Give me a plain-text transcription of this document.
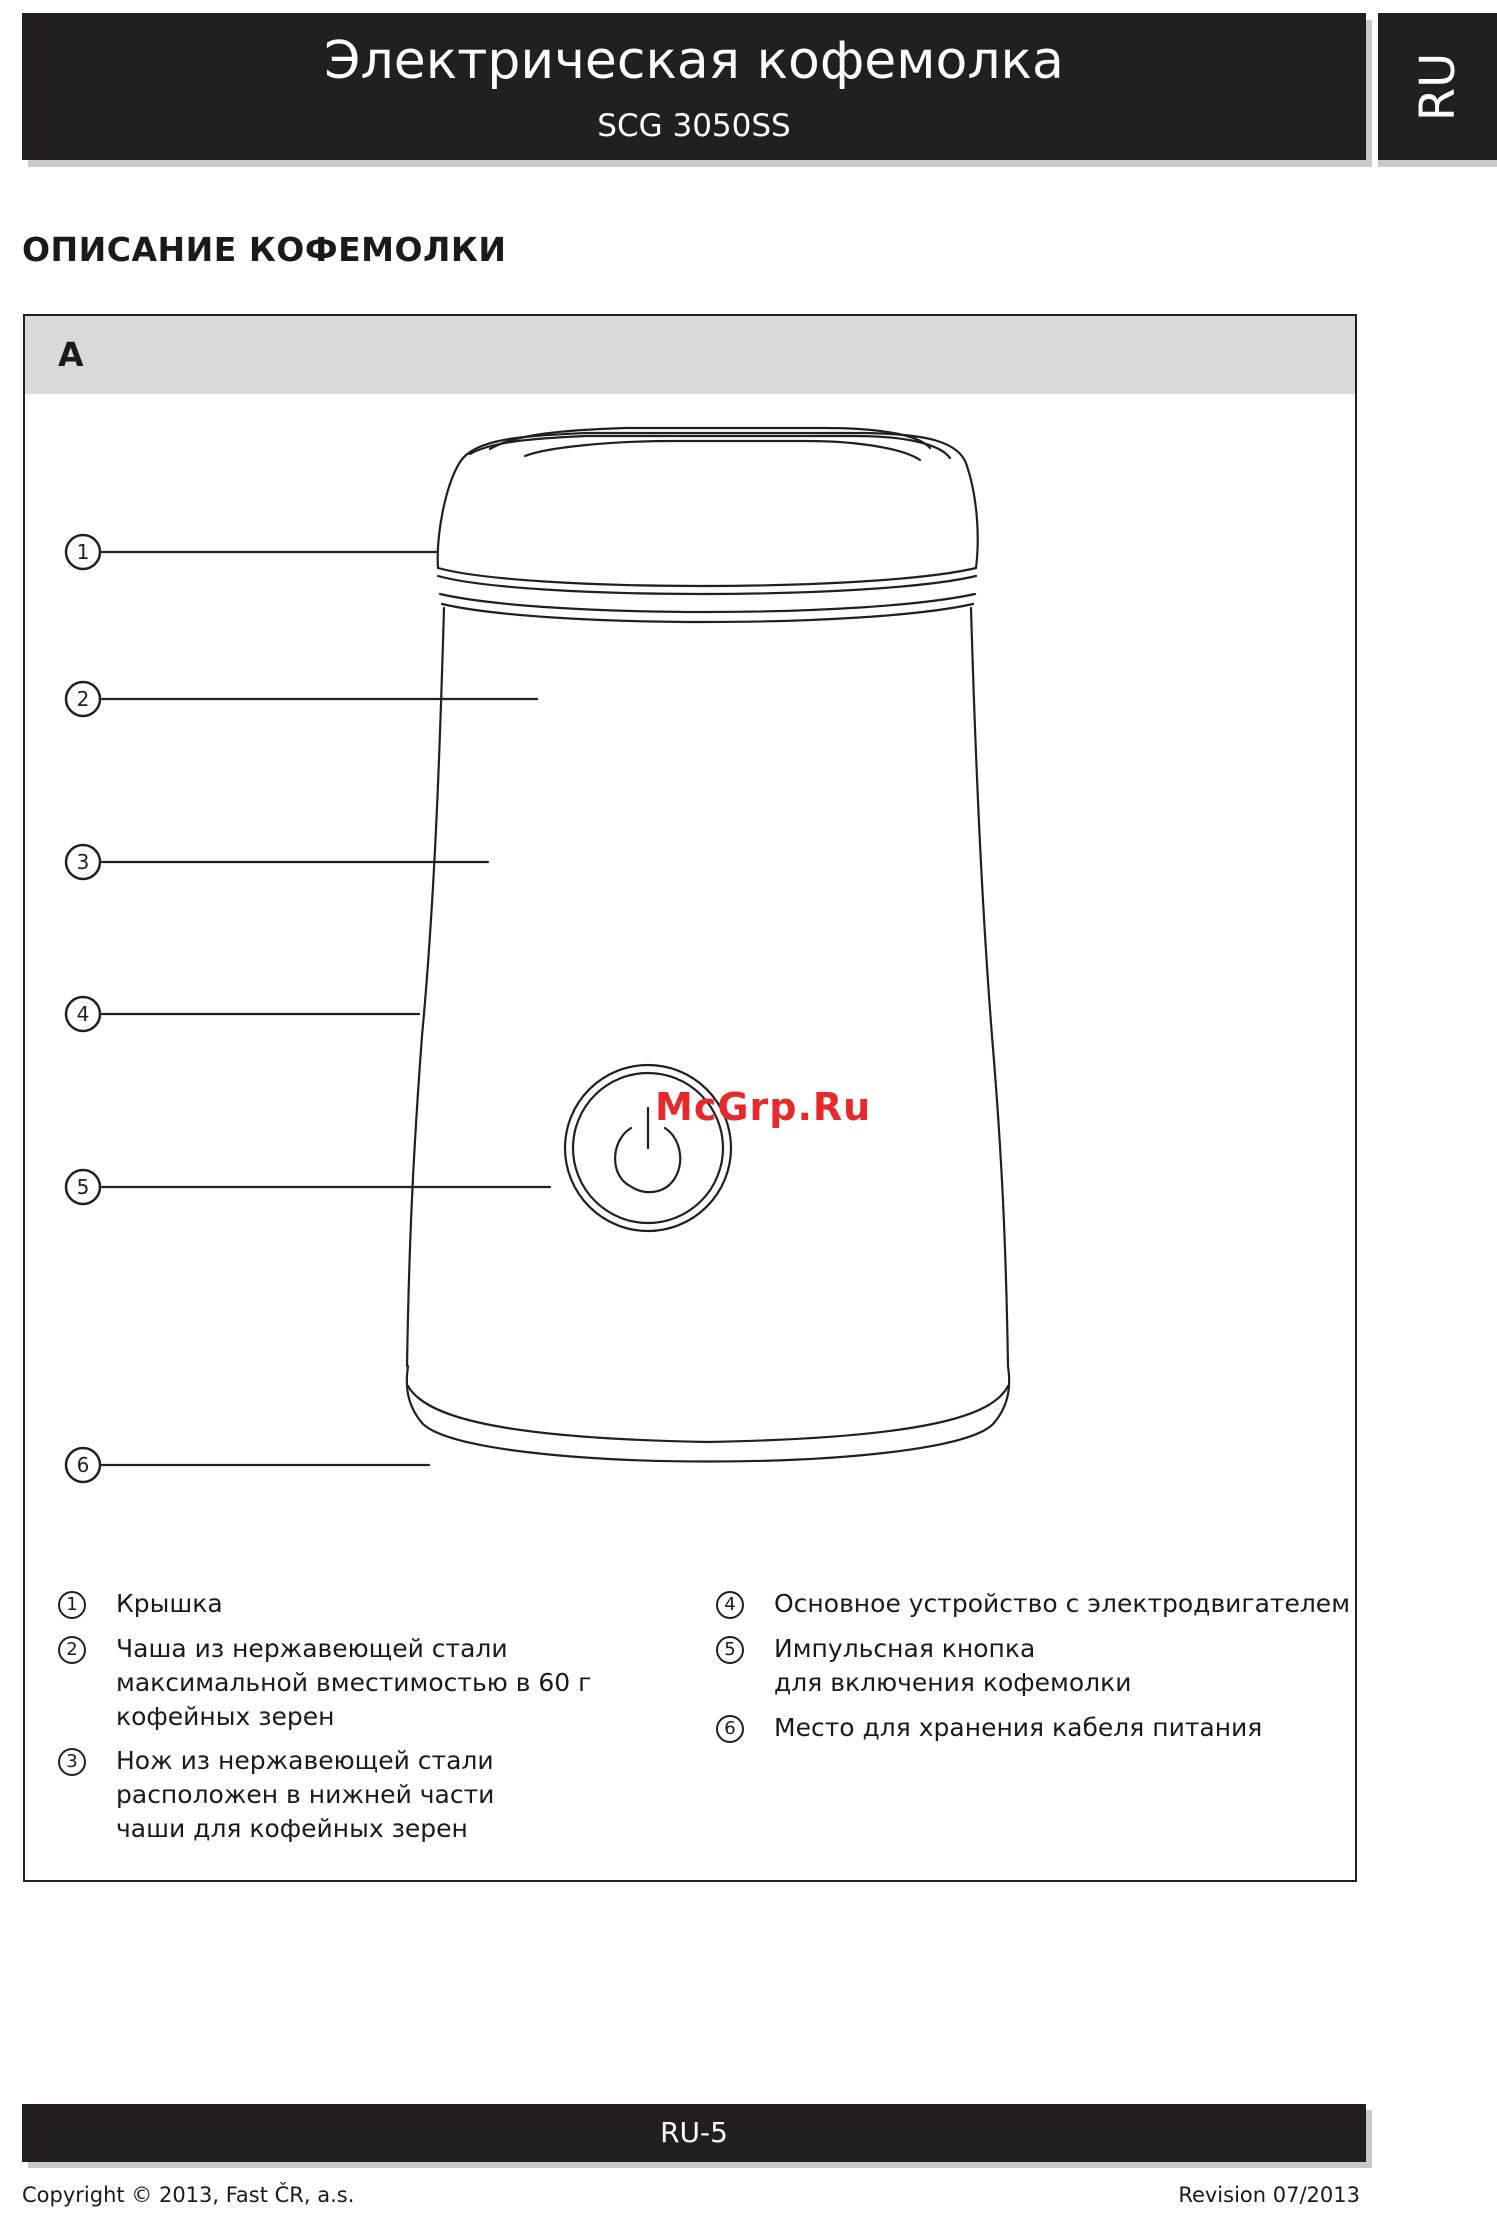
Электрическая кофемолка
SCG 3050SS
RU
ОПИСАНИЕ КОФЕМОЛКИ
A
1
2
3
4
5
6
1	Крышка
2	Чаша из нержавеющей стали
максимальной вместимостью в 60 г
кофейных зерен
3	Нож из нержавеющей стали
расположен в нижней части
чаши для кофейных зерен
4	Основное устройство с электродвигателем
5	Импульсная кнопка
для включения кофемолки
6	Место для хранения кабеля питания
McGrp.Ru
RU-5
Copyright © 2013, Fast ČR, a.s.	Revision 07/2013
